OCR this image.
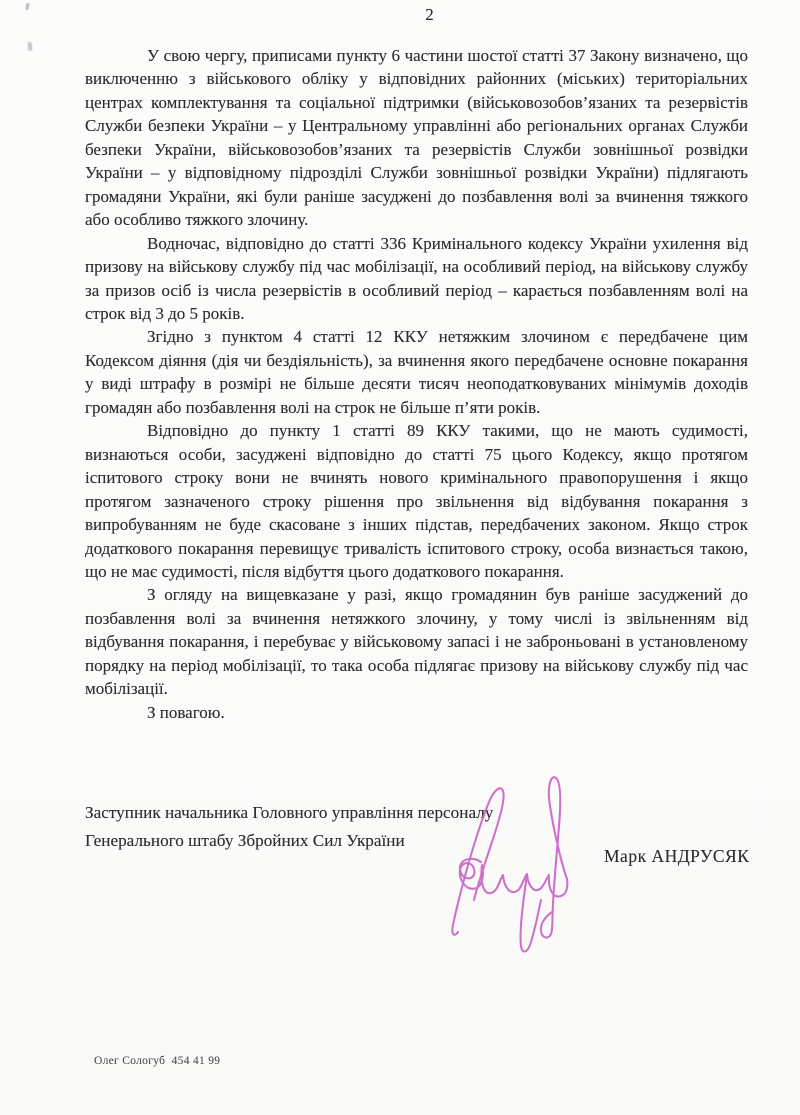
2

У свою чергу, приписами пункту 6 частини шостої статті 37 Закону визначено, що виключенню з військового обліку у відповідних районних (міських) територіальних центрах комплектування та соціальної підтримки (військовозобов’язаних та резервістів Служби безпеки України – у Центральному управлінні або регіональних органах Служби безпеки України, військовозобов’язаних та резервістів Служби зовнішньої розвідки України – у відповідному підрозділі Служби зовнішньої розвідки України) підлягають громадяни України, які були раніше засуджені до позбавлення волі за вчинення тяжкого або особливо тяжкого злочину.

Водночас, відповідно до статті 336 Кримінального кодексу України ухилення від призову на військову службу під час мобілізації, на особливий період, на військову службу за призов осіб із числа резервістів в особливий період – карається позбавленням волі на строк від 3 до 5 років.

Згідно з пунктом 4 статті 12 ККУ нетяжким злочином є передбачене цим Кодексом діяння (дія чи бездіяльність), за вчинення якого передбачене основне покарання у виді штрафу в розмірі не більше десяти тисяч неоподатковуваних мінімумів доходів громадян або позбавлення волі на строк не більше п’яти років.

Відповідно до пункту 1 статті 89 ККУ такими, що не мають судимості, визнаються особи, засуджені відповідно до статті 75 цього Кодексу, якщо протягом іспитового строку вони не вчинять нового кримінального правопорушення і якщо протягом зазначеного строку рішення про звільнення від відбування покарання з випробуванням не буде скасоване з інших підстав, передбачених законом. Якщо строк додаткового покарання перевищує тривалість іспитового строку, особа визнається такою, що не має судимості, після відбуття цього додаткового покарання.

З огляду на вищевказане у разі, якщо громадянин був раніше засуджений до позбавлення волі за вчинення нетяжкого злочину, у тому числі із звільненням від відбування покарання, і перебуває у військовому запасі і не заброньовані в установленому порядку на період мобілізації, то така особа підлягає призову на військову службу під час мобілізації.

З повагою.

Заступник начальника Головного управління персоналу
Генерального штабу Збройних Сил України
Марк АНДРУСЯК
Олег Сологуб  454 41 99
